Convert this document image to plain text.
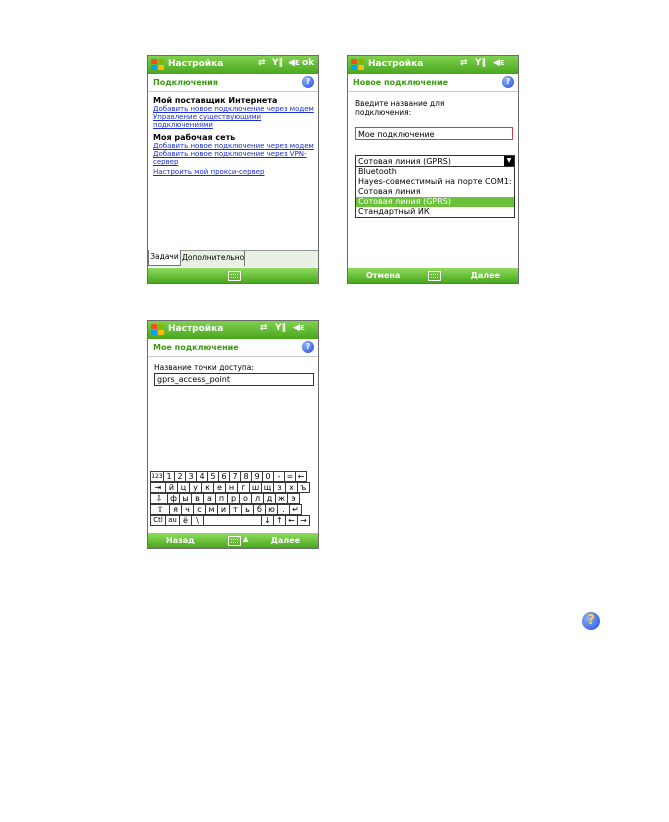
Настройка	⇄ Y‖ ◀ε ok
Подключения	?
Мой поставщик Интернета
Добавить новое подключение через модем
Управление существующими подключениями
Моя рабочая сеть
Добавить новое подключение через модем
Добавить новое подключение через VPN-сервер
Настроить мой прокси-сервер
Задачи Дополнительно
Настройка	⇄ Y‖ ◀ε
Новое подключение	?
Введите название для подключения:
Мое подключение
Сотовая линия (GPRS)	▼
Bluetooth
Hayes-совместимый на порте COM1:
Сотовая линия
Сотовая линия (GPRS)
Стандартный ИК
Отмена	Далее
Настройка	⇄ Y‖ ◀ε
Мое подключение	?
Название точки доступа:
gprs_access_point
123 1 2 3 4 5 6 7 8 9 0 - = ←
⇥ й ц у к е н г ш щ з х ъ
⇩ ф ы в а п р о л д ж э
⇧	я ч с м и т ь б ю . ↵
Ctl au ё	\	↓ ↑ ← →
Назад	▲	Далее
?
